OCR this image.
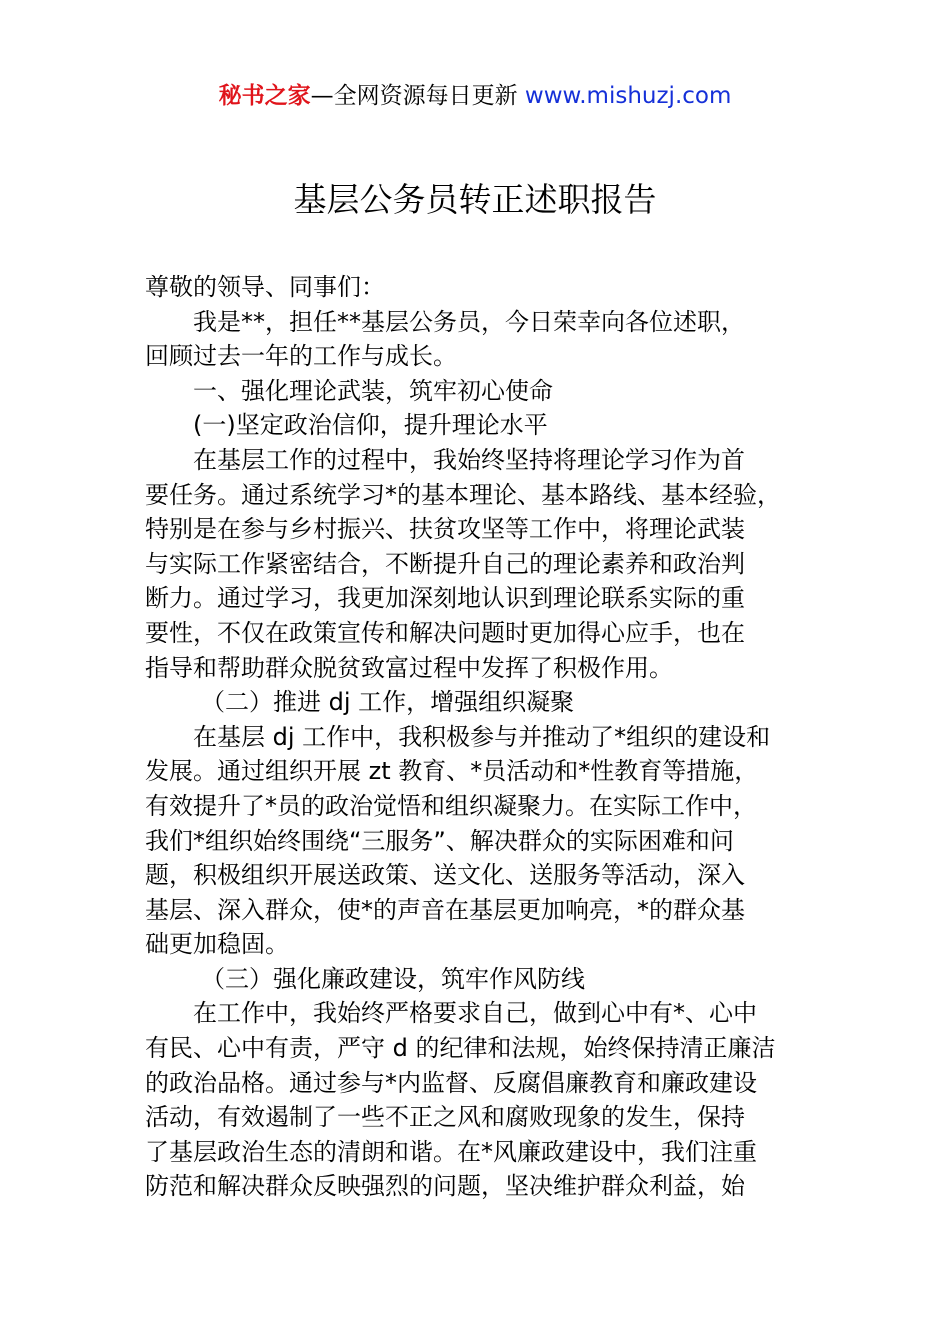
秘书之家—全网资源每日更新 www.mishuzj.com
基层公务员转正述职报告

尊敬的领导、同事们：

我是**，担任**基层公务员，今日荣幸向各位述职，

回顾过去一年的工作与成长。

一、强化理论武装，筑牢初心使命

(一)坚定政治信仰，提升理论水平

在基层工作的过程中，我始终坚持将理论学习作为首

要任务。通过系统学习*的基本理论、基本路线、基本经验，

特别是在参与乡村振兴、扶贫攻坚等工作中，将理论武装

与实际工作紧密结合，不断提升自己的理论素养和政治判

断力。通过学习，我更加深刻地认识到理论联系实际的重

要性，不仅在政策宣传和解决问题时更加得心应手，也在

指导和帮助群众脱贫致富过程中发挥了积极作用。

（二）推进 dj 工作，增强组织凝聚

在基层 dj 工作中，我积极参与并推动了*组织的建设和

发展。通过组织开展 zt 教育、*员活动和*性教育等措施，

有效提升了*员的政治觉悟和组织凝聚力。在实际工作中，

我们*组织始终围绕“三服务”、解决群众的实际困难和问

题，积极组织开展送政策、送文化、送服务等活动，深入

基层、深入群众，使*的声音在基层更加响亮，*的群众基

础更加稳固。

（三）强化廉政建设，筑牢作风防线

在工作中，我始终严格要求自己，做到心中有*、心中

有民、心中有责，严守 d 的纪律和法规，始终保持清正廉洁

的政治品格。通过参与*内监督、反腐倡廉教育和廉政建设

活动，有效遏制了一些不正之风和腐败现象的发生，保持

了基层政治生态的清朗和谐。在*风廉政建设中，我们注重

防范和解决群众反映强烈的问题，坚决维护群众利益，始
